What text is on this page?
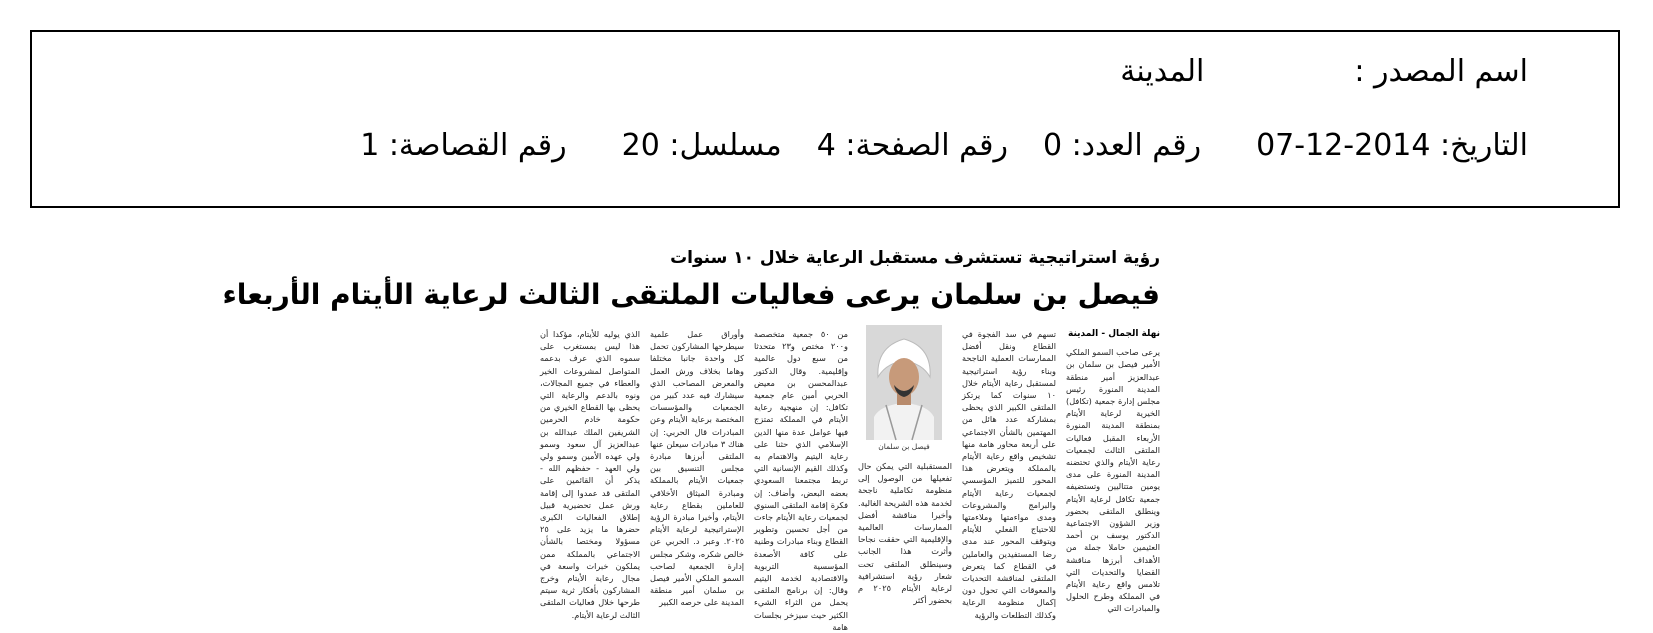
اسم المصدر :المدينة
التاريخ: 2014-12-07رقم العدد: 0رقم الصفحة: 4مسلسل: 20رقم القصاصة: 1
رؤية استراتيجية تستشرف مستقبل الرعاية خلال ١٠ سنوات
فيصل بن سلمان يرعى فعاليات الملتقى الثالث لرعاية الأيتام الأربعاء
نهلة الجمال - المدينة
يرعى صاحب السمو الملكي الأمير فيصل بن سلمان بن عبدالعزيز أمير منطقة المدينة المنورة رئيس مجلس إدارة جمعية (تكافل) الخيرية لرعاية الأيتام بمنطقة المدينة المنورة الأربعاء المقبل فعاليات الملتقى الثالث لجمعيات رعاية الأيتام والذي تحتضنه المدينة المنورة على مدى يومين متتاليين وتستضيفه جمعية تكافل لرعاية الأيتام وينطلق الملتقى بحضور وزير الشؤون الاجتماعية الدكتور يوسف بن أحمد العثيمين حاملا جملة من الأهداف أبرزها مناقشة القضايا والتحديات التي تلامس واقع رعاية الأيتام في المملكة وطرح الحلول والمبادرات التي
تسهم في سد الفجوة في القطاع ونقل أفضل الممارسات العملية الناجحة وبناء رؤية استراتيجية لمستقبل رعاية الأيتام خلال ١٠ سنوات كما يرتكز الملتقى الكبير الذي يحظى بمشاركة عدد هائل من المهتمين بالشأن الاجتماعي على أربعة محاور هامة منها تشخيص واقع رعاية الأيتام بالمملكة ويتعرض هذا المحور للتميز المؤسسي لجمعيات رعاية الأيتام والبرامج والمشروعات ومدى مواءمتها وملاءمتها للاحتياج الفعلي للأيتام ويتوقف المحور عند مدى رضا المستفيدين والعاملين في القطاع كما يتعرض الملتقى لمناقشة التحديات والمعوقات التي تحول دون إكمال منظومة الرعاية وكذلك التطلعات والرؤية
فيصل بن سلمان
المستقبلية التي يمكن حال تفعيلها من الوصول إلى منظومة تكاملية ناجحة لخدمة هذه الشريحة الغالية. وأخيرا مناقشة أفضل الممارسات العالمية والإقليمية التي حققت نجاحا وأثرت هذا الجانب وسينطلق الملتقى تحت شعار رؤية استشرافية لرعاية الأيتام ٢٠٢٥ م بحضور أكثر
من ٥٠ جمعية متخصصة و٢٠٠ مختص و٢٣ متحدثا من سبع دول عالمية وإقليمية. وقال الدكتور عبدالمحسن بن معيض الحربي أمين عام جمعية تكافل: إن منهجية رعاية الأيتام في المملكة تمتزج فيها عوامل عدة منها الدين الإسلامي الذي حثنا على رعاية اليتيم والاهتمام به وكذلك القيم الإنسانية التي تربط مجتمعنا السعودي بعضه البعض، وأضاف: إن فكرة إقامة الملتقى السنوي لجمعيات رعاية الأيتام جاءت من أجل تحسين وتطوير القطاع وبناء مبادرات وطنية على كافة الأصعدة المؤسسية التربوية والاقتصادية لخدمة اليتيم وقال: إن برنامج الملتقى يحمل من الثراء الشيء الكثير حيث سيزخر بجلسات هامة
وأوراق عمل علمية سيطرحها المشاركون تحمل كل واحدة جانبا مختلفا وهاما بخلاف ورش العمل والمعرض المصاحب الذي سيشارك فيه عدد كبير من الجمعيات والمؤسسات المختصة برعاية الأيتام وعن المبادرات قال الحربي: إن هناك ٣ مبادرات سيعلن عنها الملتقى أبرزها مبادرة مجلس التنسيق بين جمعيات الأيتام بالمملكة ومبادرة الميثاق الأخلاقي للعاملين بقطاع رعاية الأيتام، وأخيرا مبادرة الرؤية الإستراتيجية لرعاية الأيتام ٢٠٢٥. وعبر د. الحربي عن خالص شكره، وشكر مجلس إدارة الجمعية لصاحب السمو الملكي الأمير فيصل بن سلمان أمير منطقة المدينة على حرصه الكبير
الذي يوليه للأيتام، مؤكدا أن هذا ليس بمستغرب على سموه الذي عرف بدعمه المتواصل لمشروعات الخير والعطاء في جميع المجالات، ونوه بالدعم والرعاية التي يحظى بها القطاع الخيري من حكومة خادم الحرمين الشريفين الملك عبدالله بن عبدالعزيز آل سعود وسمو ولي عهده الأمين وسمو ولي ولي العهد - حفظهم الله - يذكر أن القائمين على الملتقى قد عمدوا إلى إقامة ورش عمل تحضيرية قبيل إطلاق الفعاليات الكبرى حضرها ما يزيد على ٢٥ مسؤولا ومختصا بالشأن الاجتماعي بالمملكة ممن يملكون خبرات واسعة في مجال رعاية الأيتام وخرج المشاركون بأفكار ثرية سيتم طرحها خلال فعاليات الملتقى الثالث لرعاية الأيتام.
